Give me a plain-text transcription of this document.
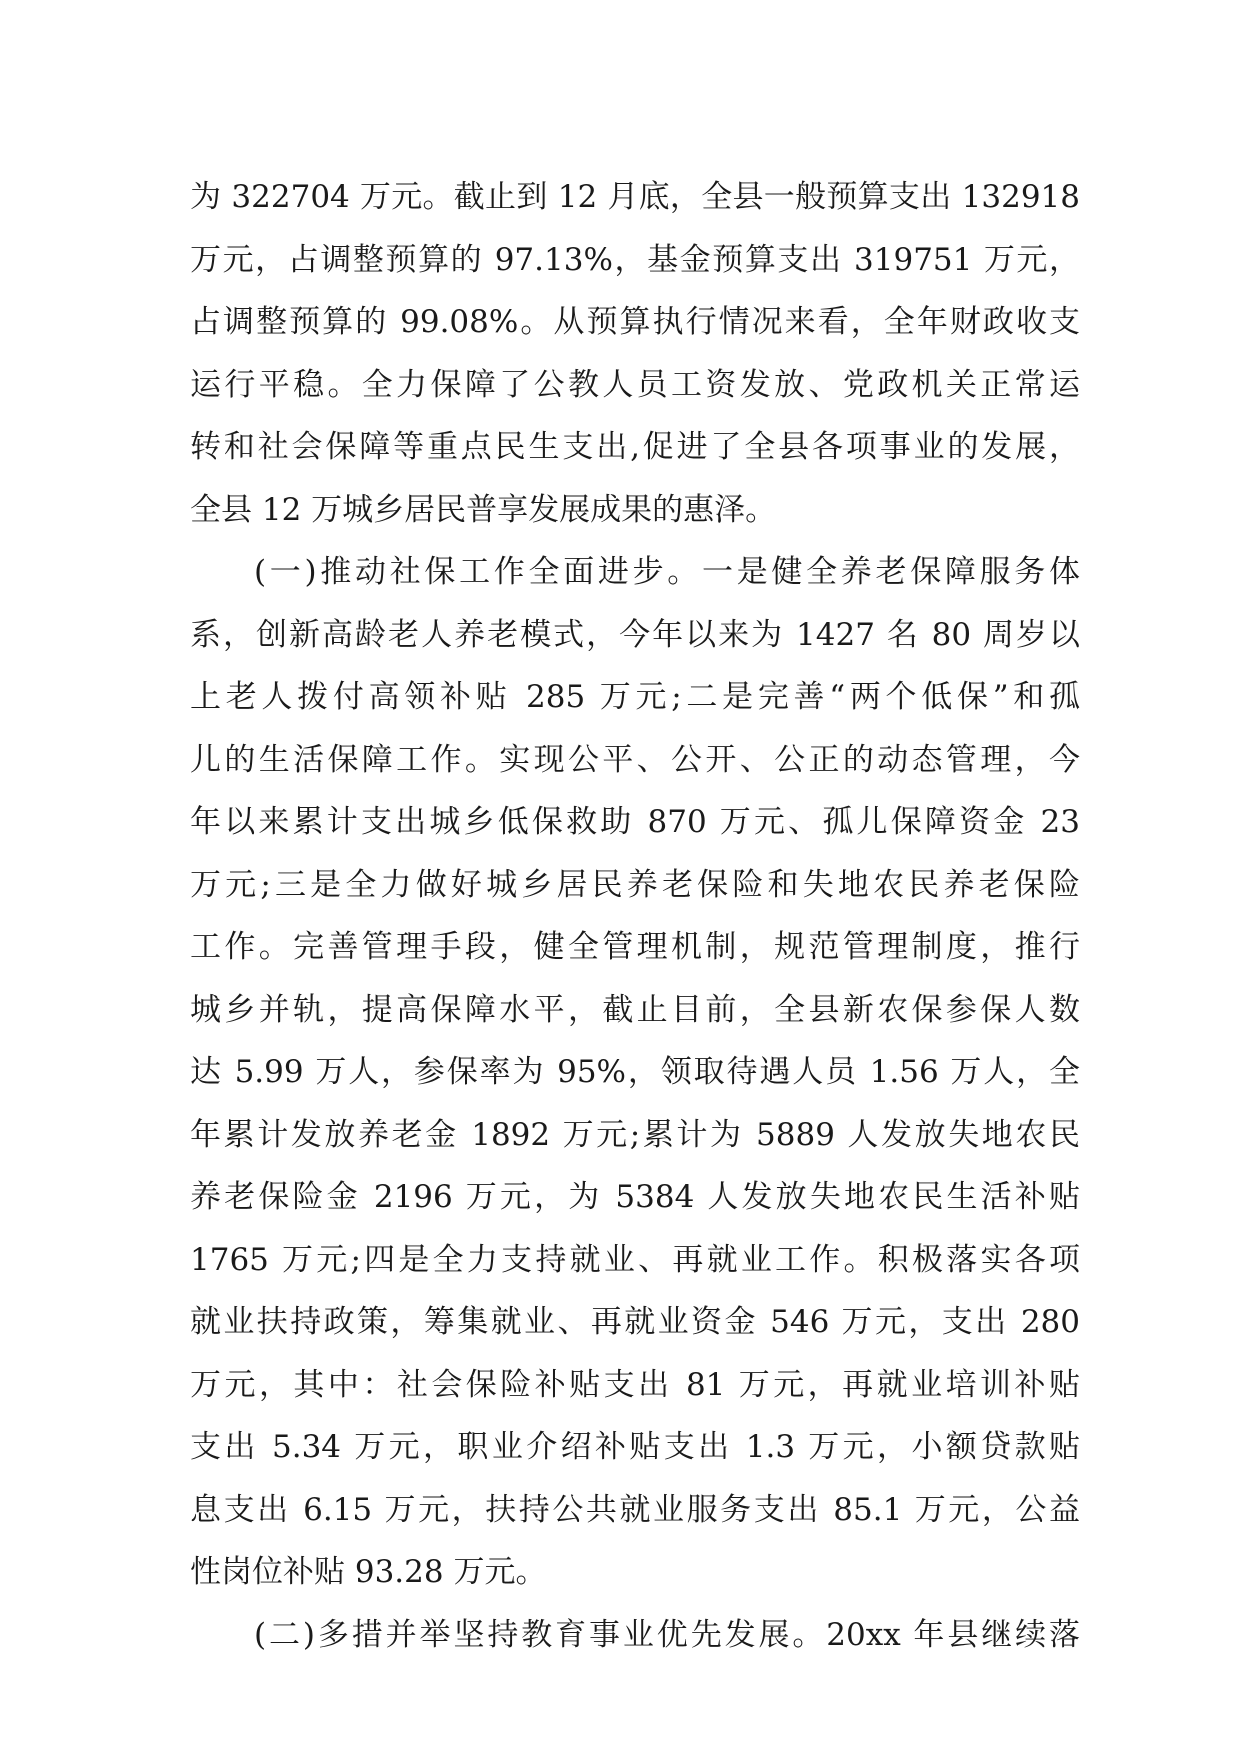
为 322704 万元。截止到 12 月底，全县一般预算支出 132918
万元，占调整预算的 97.13%，基金预算支出 319751 万元，
占调整预算的 99.08%。从预算执行情况来看，全年财政收支
运行平稳。全力保障了公教人员工资发放、党政机关正常运
转和社会保障等重点民生支出,促进了全县各项事业的发展，
全县 12 万城乡居民普享发展成果的惠泽。
(一)推动社保工作全面进步。一是健全养老保障服务体
系，创新高龄老人养老模式，今年以来为 1427 名 80 周岁以
上老人拨付高领补贴 285 万元;二是完善“两个低保”和孤
儿的生活保障工作。实现公平、公开、公正的动态管理，今
年以来累计支出城乡低保救助 870 万元、孤儿保障资金 23
万元;三是全力做好城乡居民养老保险和失地农民养老保险
工作。完善管理手段，健全管理机制，规范管理制度，推行
城乡并轨，提高保障水平，截止目前，全县新农保参保人数
达 5.99 万人，参保率为 95%，领取待遇人员 1.56 万人，全
年累计发放养老金 1892 万元;累计为 5889 人发放失地农民
养老保险金 2196 万元，为 5384 人发放失地农民生活补贴
1765 万元;四是全力支持就业、再就业工作。积极落实各项
就业扶持政策，筹集就业、再就业资金 546 万元，支出 280
万元，其中：社会保险补贴支出 81 万元，再就业培训补贴
支出 5.34 万元，职业介绍补贴支出 1.3 万元，小额贷款贴
息支出 6.15 万元，扶持公共就业服务支出 85.1 万元，公益
性岗位补贴 93.28 万元。
(二)多措并举坚持教育事业优先发展。20xx 年县继续落
